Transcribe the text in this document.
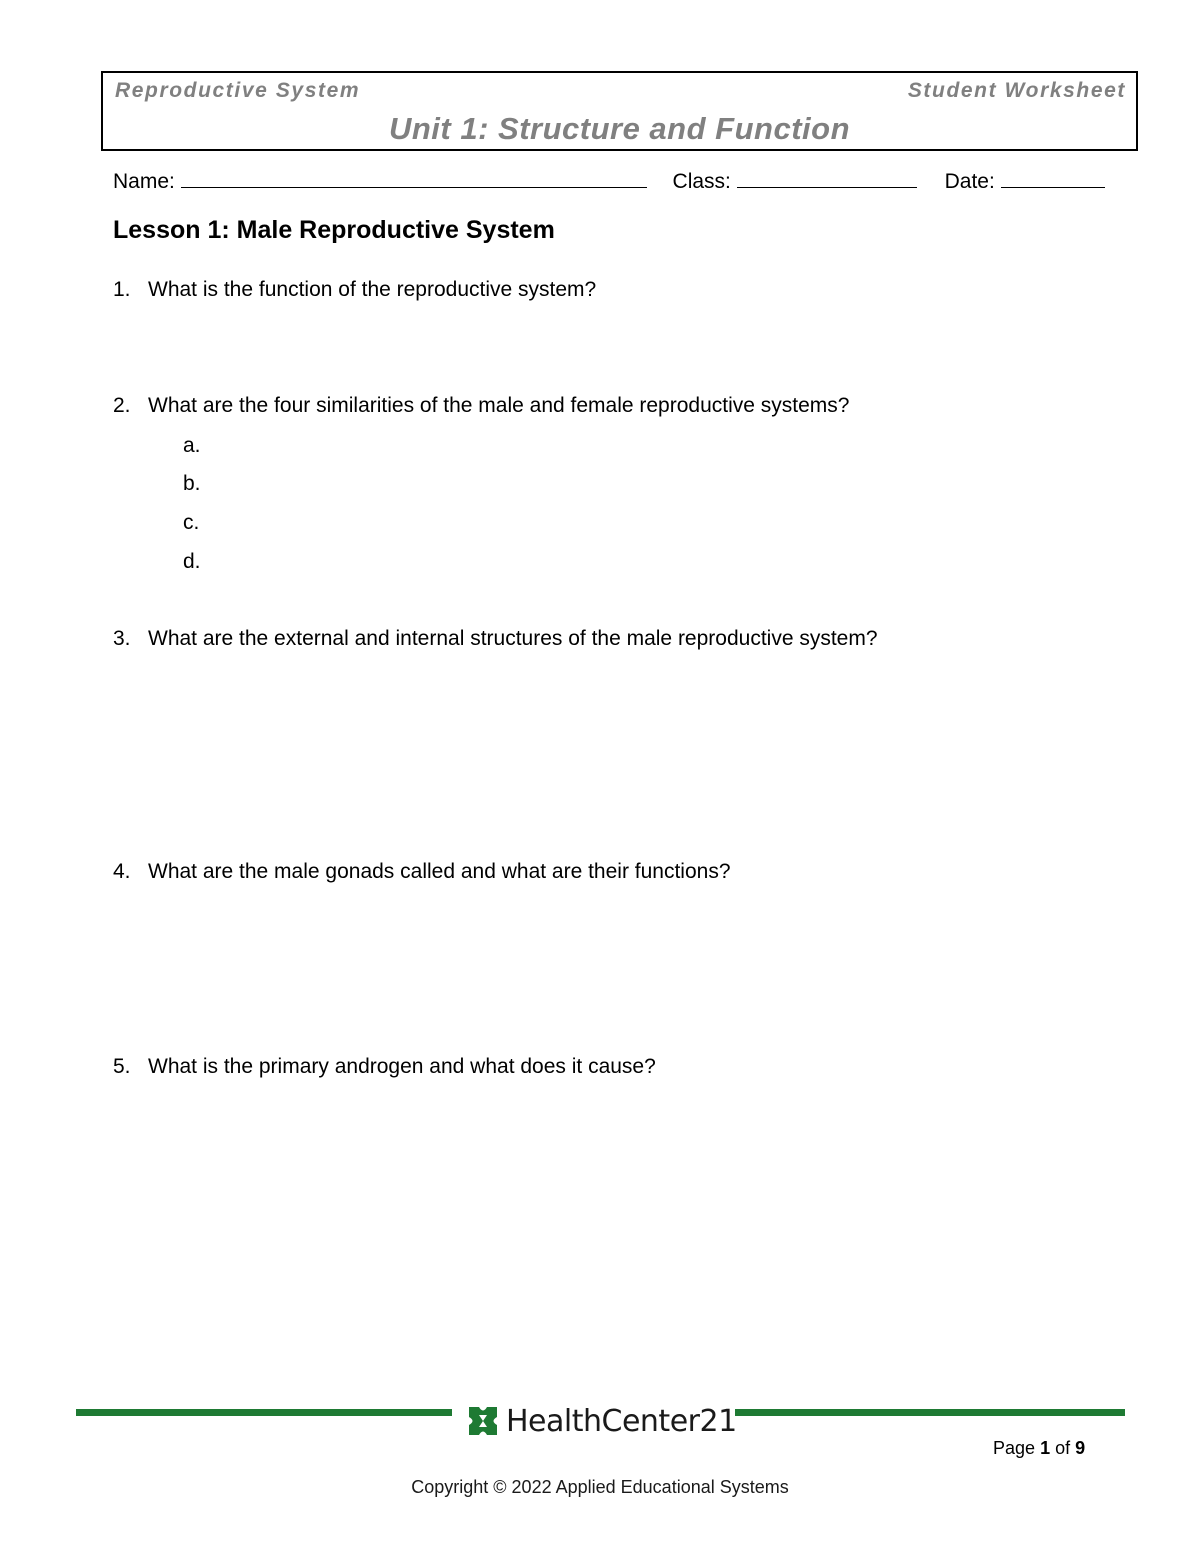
Reproductive System	Student Worksheet
Unit 1: Structure and Function
Name:	Class:	Date:
Lesson 1: Male Reproductive System
1. What is the function of the reproductive system?
2. What are the four similarities of the male and female reproductive systems?
a.
b.
c.
d.
3. What are the external and internal structures of the male reproductive system?
4. What are the male gonads called and what are their functions?
5. What is the primary androgen and what does it cause?
HealthCenter21
Page 1 of 9
Copyright © 2022 Applied Educational Systems
